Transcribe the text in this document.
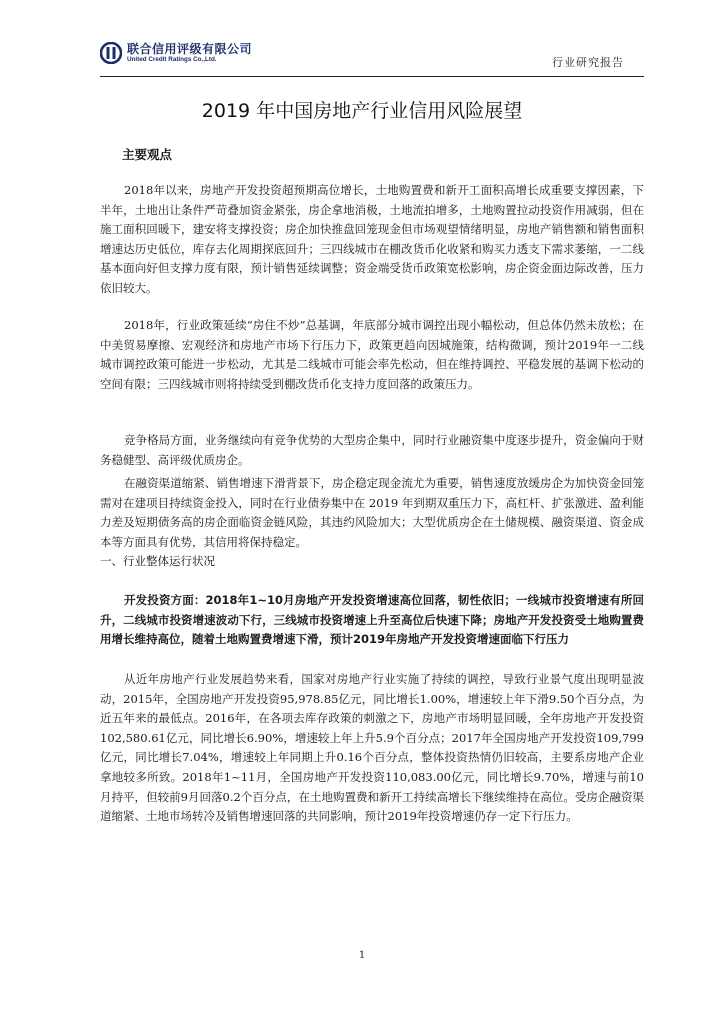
联合信用评级有限公司
United Credit Ratings Co.,Ltd.	行业研究报告
2019 年中国房地产行业信用风险展望
主要观点

2018年以来，房地产开发投资超预期高位增长，土地购置费和新开工面积高增长成重要支撑因素，下半年，土地出让条件严苛叠加资金紧张，房企拿地消极，土地流拍增多，土地购置拉动投资作用减弱，但在施工面积回暖下，建安将支撑投资；房企加快推盘回笼现金但市场观望情绪明显，房地产销售额和销售面积增速达历史低位，库存去化周期探底回升；三四线城市在棚改货币化收紧和购买力透支下需求萎缩，一二线基本面向好但支撑力度有限，预计销售延续调整；资金端受货币政策宽松影响，房企资金面边际改善，压力依旧较大。

2018年，行业政策延续“房住不炒”总基调，年底部分城市调控出现小幅松动，但总体仍然未放松；在中美贸易摩擦、宏观经济和房地产市场下行压力下，政策更趋向因城施策，结构微调，预计2019年一二线城市调控政策可能进一步松动，尤其是二线城市可能会率先松动，但在维持调控、平稳发展的基调下松动的空间有限；三四线城市则将持续受到棚改货币化支持力度回落的政策压力。

竞争格局方面，业务继续向有竞争优势的大型房企集中，同时行业融资集中度逐步提升，资金偏向于财务稳健型、高评级优质房企。

在融资渠道缩紧、销售增速下滑背景下，房企稳定现金流尤为重要，销售速度放缓房企为加快资金回笼需对在建项目持续资金投入，同时在行业债券集中在 2019 年到期双重压力下，高杠杆、扩张激进、盈利能力差及短期债务高的房企面临资金链风险，其违约风险加大；大型优质房企在土储规模、融资渠道、资金成本等方面具有优势，其信用将保持稳定。

一、行业整体运行状况

开发投资方面：2018年1~10月房地产开发投资增速高位回落，韧性依旧；一线城市投资增速有所回升，二线城市投资增速波动下行，三线城市投资增速上升至高位后快速下降；房地产开发投资受土地购置费用增长维持高位，随着土地购置费增速下滑，预计2019年房地产开发投资增速面临下行压力

从近年房地产行业发展趋势来看，国家对房地产行业实施了持续的调控，导致行业景气度出现明显波动，2015年，全国房地产开发投资95,978.85亿元，同比增长1.00%，增速较上年下滑9.50个百分点，为近五年来的最低点。2016年，在各项去库存政策的刺激之下，房地产市场明显回暖，全年房地产开发投资102,580.61亿元，同比增长6.90%，增速较上年上升5.9个百分点；2017年全国房地产开发投资109,799亿元，同比增长7.04%，增速较上年同期上升0.16个百分点，整体投资热情仍旧较高，主要系房地产企业拿地较多所致。2018年1~11月，全国房地产开发投资110,083.00亿元，同比增长9.70%，增速与前10月持平，但较前9月回落0.2个百分点，在土地购置费和新开工持续高增长下继续维持在高位。受房企融资渠道缩紧、土地市场转冷及销售增速回落的共同影响，预计2019年投资增速仍存一定下行压力。

1
